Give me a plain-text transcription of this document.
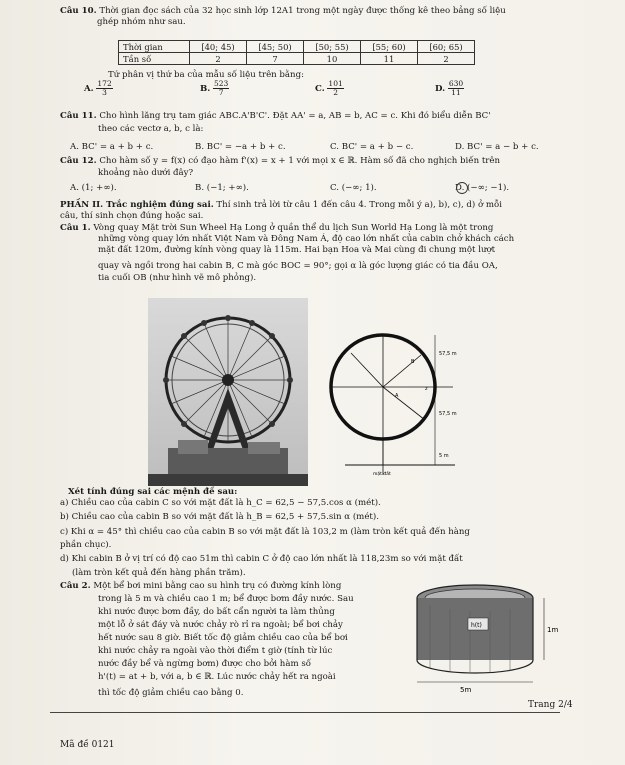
Câu 10. Thời gian đọc sách của 32 học sinh lớp 12A1 trong một ngày được thống kê theo bảng số liệu
ghép nhóm như sau.
Thời gian	[40; 45)	[45; 50)	[50; 55)	[55; 60)	[60; 65)
Tần số	2	7	10	11	2
Tứ phân vị thứ ba của mẫu số liệu trên bằng:
A. $\frac{172}{3}$	B. $\frac{523}{7}$	C. $\frac{101}{2}$	D. $\frac{630}{11}$
Câu 11. Cho hình lăng trụ tam giác ABC.A'B'C'. Đặt AA' = a, AB = b, AC = c. Khi đó biểu diễn BC'
theo các vectơ a, b, c là:
A. BC' = a + b + c.	B. BC' = −a + b + c.	C. BC' = a + b − c.	D. BC' = a − b + c.
Câu 12. Cho hàm số y = f(x) có đạo hàm f'(x) = x + 1 với mọi x ∈ ℝ. Hàm số đã cho nghịch biến trên
khoảng nào dưới đây?
A. (1; +∞).	B. (−1; +∞).	C. (−∞; 1).	D. (−∞; −1).
PHẦN II. Trắc nghiệm đúng sai. Thí sinh trả lời từ câu 1 đến câu 4. Trong mỗi ý a), b), c), d) ở mỗi
câu, thí sinh chọn đúng hoặc sai.
Câu 1. Vòng quay Mặt trời Sun Wheel Hạ Long ở quần thể du lịch Sun World Hạ Long là một trong
những vòng quay lớn nhất Việt Nam và Đông Nam Á, độ cao lớn nhất của cabin chở khách cách
mặt đất 120m, đường kính vòng quay là 115m. Hai bạn Hoa và Mai cùng đi chung một lượt
quay và ngồi trong hai cabin B, C mà góc BOC = 90°; gọi α là góc lượng giác có tia đầu OA,
tia cuối OB (như hình vẽ mô phỏng).
57,5 m
57,5 m
5 m
mặt đất
B
A
z
Xét tính đúng sai các mệnh đề sau:
a) Chiều cao của cabin C so với mặt đất là h_C = 62,5 − 57,5.cos α (mét).
b) Chiều cao của cabin B so với mặt đất là h_B = 62,5 + 57,5.sin α (mét).
c) Khi α = 45° thì chiều cao của cabin B so với mặt đất là 103,2 m (làm tròn kết quả đến hàng
phần chục).
d) Khi cabin B ở vị trí có độ cao 51m thì cabin C ở độ cao lớn nhất là 118,23m so với mặt đất
(làm tròn kết quả đến hàng phần trăm).
Câu 2. Một bể bơi mini bằng cao su hình trụ có đường kính lòng
trong là 5 m và chiều cao 1 m; bể được bơm đầy nước. Sau
khi nước được bơm đầy, do bất cẩn người ta làm thủng
một lỗ ở sát đáy và nước chảy rò rỉ ra ngoài; bể bơi chảy
hết nước sau 8 giờ. Biết tốc độ giảm chiều cao của bể bơi
khi nước chảy ra ngoài vào thời điểm t giờ (tính từ lúc
nước đầy bể và ngừng bơm) được cho bởi hàm số
h'(t) = at + b, với a, b ∈ ℝ. Lúc nước chảy hết ra ngoài
thì tốc độ giảm chiều cao bằng 0.
h(t)
1m
5m
Trang 2/4
Mã đề 0121
